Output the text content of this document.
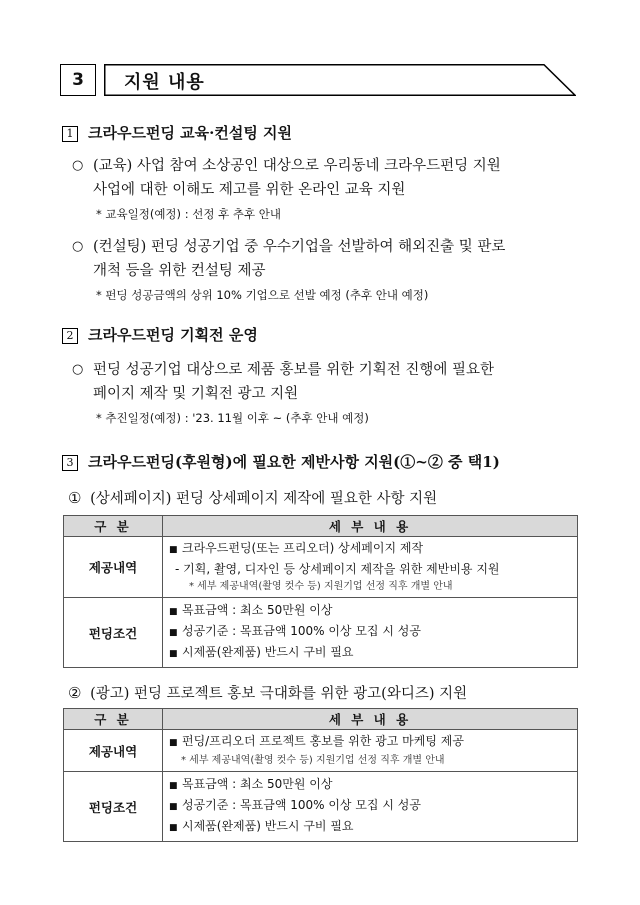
3	지원 내용
1 크라우드펀딩 교육·컨설팅 지원
○ (교육) 사업 참여 소상공인 대상으로 우리동네 크라우드펀딩 지원
사업에 대한 이해도 제고를 위한 온라인 교육 지원
* 교육일정(예정) : 선정 후 추후 안내
○ (컨설팅) 펀딩 성공기업 중 우수기업을 선발하여 해외진출 및 판로
개척 등을 위한 컨설팅 제공
* 펀딩 성공금액의 상위 10% 기업으로 선발 예정 (추후 안내 예정)
2 크라우드펀딩 기획전 운영
○ 펀딩 성공기업 대상으로 제품 홍보를 위한 기획전 진행에 필요한
페이지 제작 및 기획전 광고 지원
* 추진일정(예정) : '23. 11월 이후 ~ (추후 안내 예정)
3 크라우드펀딩(후원형)에 필요한 제반사항 지원(①~② 중 택1)
① (상세페이지) 펀딩 상세페이지 제작에 필요한 사항 지원
구 분	세 부 내 용
제공내역	■ 크라우드펀딩(또는 프리오더) 상세페이지 제작
- 기획, 촬영, 디자인 등 상세페이지 제작을 위한 제반비용 지원
* 세부 제공내역(촬영 컷수 등) 지원기업 선정 직후 개별 안내

펀딩조건	■ 목표금액 : 최소 50만원 이상
■ 성공기준 : 목표금액 100% 이상 모집 시 성공
■ 시제품(완제품) 반드시 구비 필요
② (광고) 펀딩 프로젝트 홍보 극대화를 위한 광고(와디즈) 지원
구 분	세 부 내 용
제공내역	■ 펀딩/프리오더 프로젝트 홍보를 위한 광고 마케팅 제공
* 세부 제공내역(촬영 컷수 등) 지원기업 선정 직후 개별 안내

펀딩조건	■ 목표금액 : 최소 50만원 이상
■ 성공기준 : 목표금액 100% 이상 모집 시 성공
■ 시제품(완제품) 반드시 구비 필요
